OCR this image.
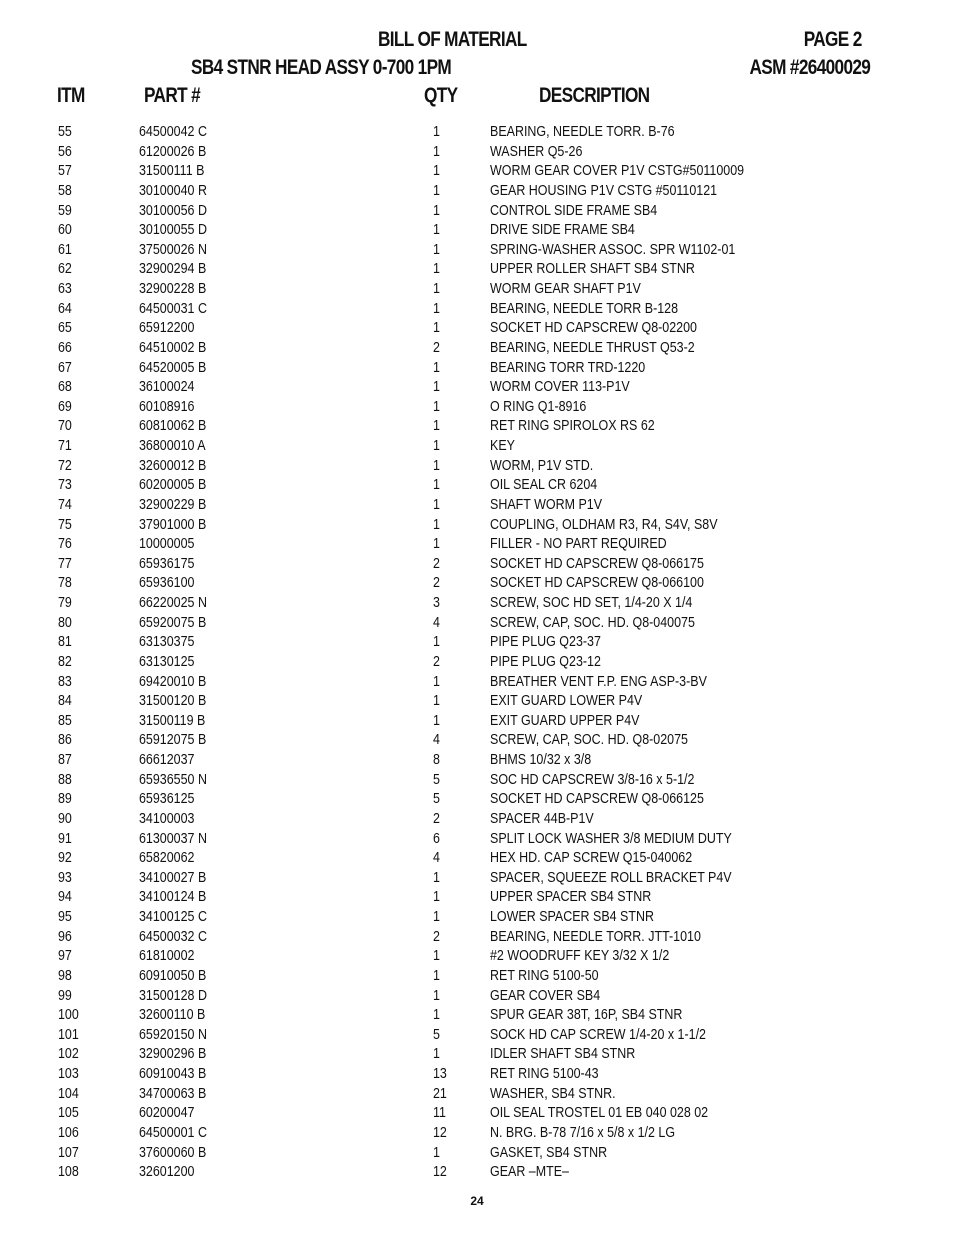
BILL OF MATERIAL
SB4 STNR HEAD ASSY 0-700 1PM
PAGE 2
ASM #26400029
ITM	PART #	QTY	DESCRIPTION
55	64500042 C	1	BEARING, NEEDLE TORR. B-76
56	61200026 B	1	WASHER Q5-26
57	31500111 B	1	WORM GEAR COVER P1V CSTG#50110009
58	30100040 R	1	GEAR HOUSING P1V CSTG #50110121
59	30100056 D	1	CONTROL SIDE FRAME SB4
60	30100055 D	1	DRIVE SIDE FRAME SB4
61	37500026 N	1	SPRING-WASHER ASSOC. SPR W1102-01
62	32900294 B	1	UPPER ROLLER SHAFT SB4 STNR
63	32900228 B	1	WORM GEAR SHAFT P1V
64	64500031 C	1	BEARING, NEEDLE TORR B-128
65	65912200	1	SOCKET HD CAPSCREW Q8-02200
66	64510002 B	2	BEARING, NEEDLE THRUST Q53-2
67	64520005 B	1	BEARING TORR TRD-1220
68	36100024	1	WORM COVER 113-P1V
69	60108916	1	O RING Q1-8916
70	60810062 B	1	RET RING SPIROLOX RS 62
71	36800010 A	1	KEY
72	32600012 B	1	WORM, P1V STD.
73	60200005 B	1	OIL SEAL CR 6204
74	32900229 B	1	SHAFT WORM P1V
75	37901000 B	1	COUPLING, OLDHAM R3, R4, S4V, S8V
76	10000005	1	FILLER - NO PART REQUIRED
77	65936175	2	SOCKET HD CAPSCREW Q8-066175
78	65936100	2	SOCKET HD CAPSCREW Q8-066100
79	66220025 N	3	SCREW, SOC HD SET, 1/4-20 X 1/4
80	65920075 B	4	SCREW, CAP, SOC. HD. Q8-040075
81	63130375	1	PIPE PLUG Q23-37
82	63130125	2	PIPE PLUG Q23-12
83	69420010 B	1	BREATHER VENT F.P. ENG ASP-3-BV
84	31500120 B	1	EXIT GUARD LOWER P4V
85	31500119 B	1	EXIT GUARD UPPER P4V
86	65912075 B	4	SCREW, CAP, SOC. HD. Q8-02075
87	66612037	8	BHMS 10/32 x 3/8
88	65936550 N	5	SOC HD CAPSCREW 3/8-16 x 5-1/2
89	65936125	5	SOCKET HD CAPSCREW Q8-066125
90	34100003	2	SPACER 44B-P1V
91	61300037 N	6	SPLIT LOCK WASHER 3/8 MEDIUM DUTY
92	65820062	4	HEX HD. CAP SCREW Q15-040062
93	34100027 B	1	SPACER, SQUEEZE ROLL BRACKET P4V
94	34100124 B	1	UPPER SPACER SB4 STNR
95	34100125 C	1	LOWER SPACER SB4 STNR
96	64500032 C	2	BEARING, NEEDLE TORR. JTT-1010
97	61810002	1	#2 WOODRUFF KEY 3/32 X 1/2
98	60910050 B	1	RET RING 5100-50
99	31500128 D	1	GEAR COVER SB4
100	32600110 B	1	SPUR GEAR 38T, 16P, SB4 STNR
101	65920150 N	5	SOCK HD CAP SCREW 1/4-20 x 1-1/2
102	32900296 B	1	IDLER SHAFT SB4 STNR
103	60910043 B	13	RET RING 5100-43
104	34700063 B	21	WASHER, SB4 STNR.
105	60200047	11	OIL SEAL TROSTEL 01 EB 040 028 02
106	64500001 C	12	N. BRG. B-78 7/16 x 5/8 x 1/2 LG
107	37600060 B	1	GASKET, SB4 STNR
108	32601200	12	GEAR –MTE–
24
